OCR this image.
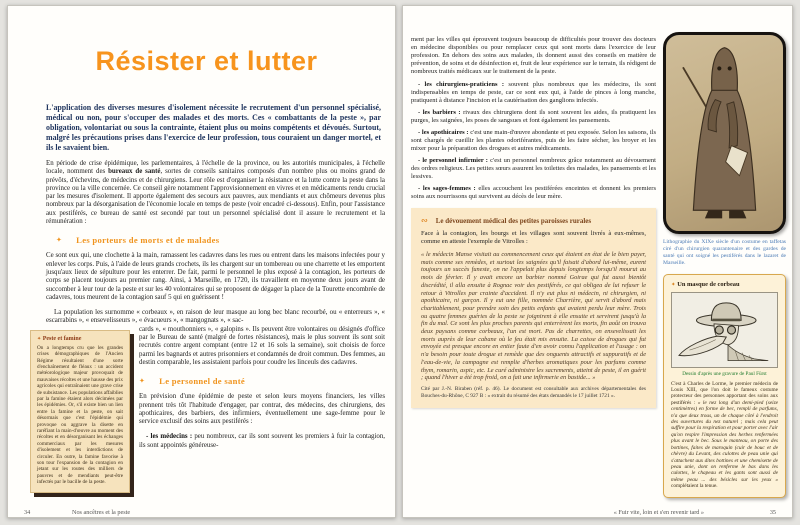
Résister et lutter

L'application des diverses mesures d'isolement nécessite le recrutement d'un personnel spécialisé, médical ou non, pour s'occuper des malades et des morts. Ces « combattants de la peste », par obligation, volontariat ou sous la contrainte, étaient plus ou moins compétents et dévoués. Surtout, malgré les précautions prises dans l'exercice de leur profession, tous couraient un danger mortel, et ils le savaient bien.

En période de crise épidémique, les parlementaires, à l'échelle de la province, ou les autorités municipales, à l'échelle locale, nomment des bureaux de santé, sortes de conseils sanitaires composés d'un nombre plus ou moins grand de prévôts, d'échevins, de médecins et de chirurgiens. Leur rôle est d'organiser la résistance et la lutte contre la peste dans la province ou la ville concernée. Ce conseil gère notamment l'approvisionnement en vivres et en médicaments rendu crucial par les mesures d'isolement. Il apporte également des secours aux pauvres, aux mendiants et aux chômeurs devenus plus nombreux par la désorganisation de l'économie locale en temps de peste (voir encadré ci-dessous). Enfin, pour l'assistance aux pestiférés, ce bureau de santé est secondé par tout un personnel spécialisé dont il assure le recrutement et la rémunération :

✦ Les porteurs de morts et de malades

Ce sont eux qui, une clochette à la main, ramassent les cadavres dans les rues ou entrent dans les maisons infectées pour y enlever les corps. Puis, à l'aide de leurs grands crochets, ils les chargent sur un tombereau ou une charrette et les emportent jusqu'aux lieux de sépulture pour les enterrer. De fait, parmi le personnel le plus exposé à la contagion, les porteurs de corps se placent toujours au premier rang. Ainsi, à Marseille, en 1720, ils travaillent en moyenne deux jours avant de succomber à leur tour de la peste et sur les 40 volontaires qui se proposent de dégager la place de la Tourette encombrée de cadavres, tous meurent de la contagion sauf 5 qui en guérissent !

La population les surnomme « corbeaux », en raison de leur masque au long bec blanc recourbé, ou « enterreurs », « escarrabins », « ensevelisseurs », « évacueurs », « mangognats », « sac-

✦ Peste et famine
On a longtemps cru que les grandes crises démographiques de l'Ancien Régime résultaient d'une sorte d'enchaînement de fléaux : un accident météorologique majeur provoquait de mauvaises récoltes et une hausse des prix agricoles qui entraînaient une grave crise de subsistance. Les populations affaiblies par la famine étaient alors décimées par les épidémies. Or, s'il existe bien un lien entre la famine et la peste, on sait désormais que c'est l'épidémie qui provoque ou aggrave la disette en raréfiant la main-d'œuvre au moment des récoltes et en désorganisant les échanges commerciaux par les mesures d'isolement et les interdictions de circuler. En outre, la famine favorise à son tour l'expansion de la contagion en jetant sur les routes des milliers de pauvres et de mendiants peut-être infectés par le bacille de la peste.

cards », « mouthonniers », « galopins ». Ils peuvent être volontaires ou désignés d'office par le Bureau de santé (malgré de fortes résistances), mais le plus souvent ils sont soit recrutés contre argent comptant (entre 12 et 16 sols la semaine), soit choisis de force parmi les bagnards et autres prisonniers et condamnés de droit commun. Des femmes, au destin comparable, les assistaient parfois pour coudre les linceuls des cadavres.

✦ Le personnel de santé

En prévision d'une épidémie de peste et selon leurs moyens financiers, les villes prennent très tôt l'habitude d'engager, par contrat, des médecins, des chirurgiens, des apothicaires, des barbiers, des infirmiers, éventuellement une sage-femme pour le service exclusif des soins aux pestiférés :

- les médecins : peu nombreux, car ils sont souvent les premiers à fuir la contagion, ils sont appointés généreuse-

34	Nos ancêtres et la peste

ment par les villes qui éprouvent toujours beaucoup de difficultés pour trouver des docteurs en médecine disponibles ou pour remplacer ceux qui sont morts dans l'exercice de leur profession. En dehors des soins aux malades, ils donnent aussi des conseils en matière de prévention, de soins et de désinfection et, fruit de leur expérience sur le terrain, ils rédigent de nombreux traités médicaux sur le traitement de la peste.

- les chirurgiens-praticiens : souvent plus nombreux que les médecins, ils sont indispensables en temps de peste, car ce sont eux qui, à l'aide de pinces à long manche, pratiquent à distance l'incision et la cautérisation des ganglions infectés.

- les barbiers : rivaux des chirurgiens dont ils sont souvent les aides, ils pratiquent les purges, les saignées, les poses de sangsues et font également les pansements.

- les apothicaires : c'est une main-d'œuvre abondante et peu exposée. Selon les saisons, ils sont chargés de cueillir les plantes odoriférantes, puis de les faire sécher, les broyer et les mixer pour la préparation des drogues et autres médicaments.

- le personnel infirmier : c'est un personnel nombreux grâce notamment au dévouement des ordres religieux. Les petites sœurs assurent les toilettes des malades, les pansements et les lessives.

- les sages-femmes : elles accouchent les pestiférées enceintes et donnent les premiers soins aux nourrissons qui survivent au décès de leur mère.

∾ Le dévouement médical des petites paroisses rurales
Face à la contagion, les bourgs et les villages sont souvent livrés à eux-mêmes, comme en atteste l'exemple de Vitrolles :
« le médecin Manse visitait au commencement ceux qui étaient en état de le bien payer, mais comme ses remèdes, et surtout les saignées qu'il faisait d'abord lui-même, eurent toujours un succès funeste, on ne l'appelait plus depuis longtemps lorsqu'il mourut au mois de février. Il y avait encore un barbier nommé Goirae qui fut aussi bientôt discrédité, il alla ensuite à Rognac voir des pestiférés, ce qui obligea de lui refuser le retour à Vitrolles par crainte d'accident. Il n'y eut plus ni médecin, ni chirurgien, ni apothicaire, ni garçon. Il y eut une fille, nommée Charrière, qui servit d'abord mais charitablement, pour prendre soin des petits enfants qui avaient perdu leur mère. Trois ou quatre femmes guéries de la peste se joignirent à elle ensuite et servirent jusqu'à la fin du mal. Ce sont les plus proches parents qui enterrèrent les morts, fin août on trouva deux paysans comme corbeaux, l'un est mort. Pas de charrettes, on ensevelissait les morts auprès de leur cabane où le feu était mis ensuite. La caisse de drogues qui fut envoyée est presque encore en entier faute d'en avoir connu l'application et l'usage : on n'a besoin pour toute drogue et remède que des onguents attractifs et suppuratifs et de l'eau-de-vie, la campagne est remplie d'herbes aromatiques pour les parfums comme thym, romarin, aspic, etc. Le curé administre les sacrements, atteint de peste, il en guérit ; quand l'hiver a été trop froid, on a fait une infirmerie en bastide... »
Cité par J.-N. Biraben (réf. p. 46). Le document est consultable aux archives départementales des Bouches-du-Rhône, C 927 B : « extrait du résumé des états demandés le 17 juillet 1721 ».
Lithographie du XIXe siècle d'un costume en taffetas ciré d'un chirurgien quarantenaire et des gardes de santé qui ont soigné les pestiférés dans le lazaret de Marseille.
✦ Un masque de corbeau
Dessin d'après une gravure de Paul Fürst
C'est à Charles de Lorme, le premier médecin de Louis XIII, que l'on doit le fameux costume protecteur des personnes apportant des soins aux pestiférés : « le nez long d'un demi-pied (seize centimètres) en forme de bec, rempli de parfums, n'a que deux trous, un de chaque côté à l'endroit des ouvertures du nez naturel ; mais cela peut suffire pour la respiration et pour porter avec l'air qu'on respire l'impression des herbes renfermées plus avant le bec. Sous le manteau, on porte des bottines, faites de maroquin (cuir de bouc et de chèvre) du Levant, des culottes de peau unie qui s'attachent aux dites bottines et une chemisette de peau unie, dont on renferme le bas dans les culottes, le chapeau et les gants sont aussi de même peau ... des bésicles sur les yeux » complétaient la tenue.
« Fuir vite, loin et s'en revenir tard »	35
